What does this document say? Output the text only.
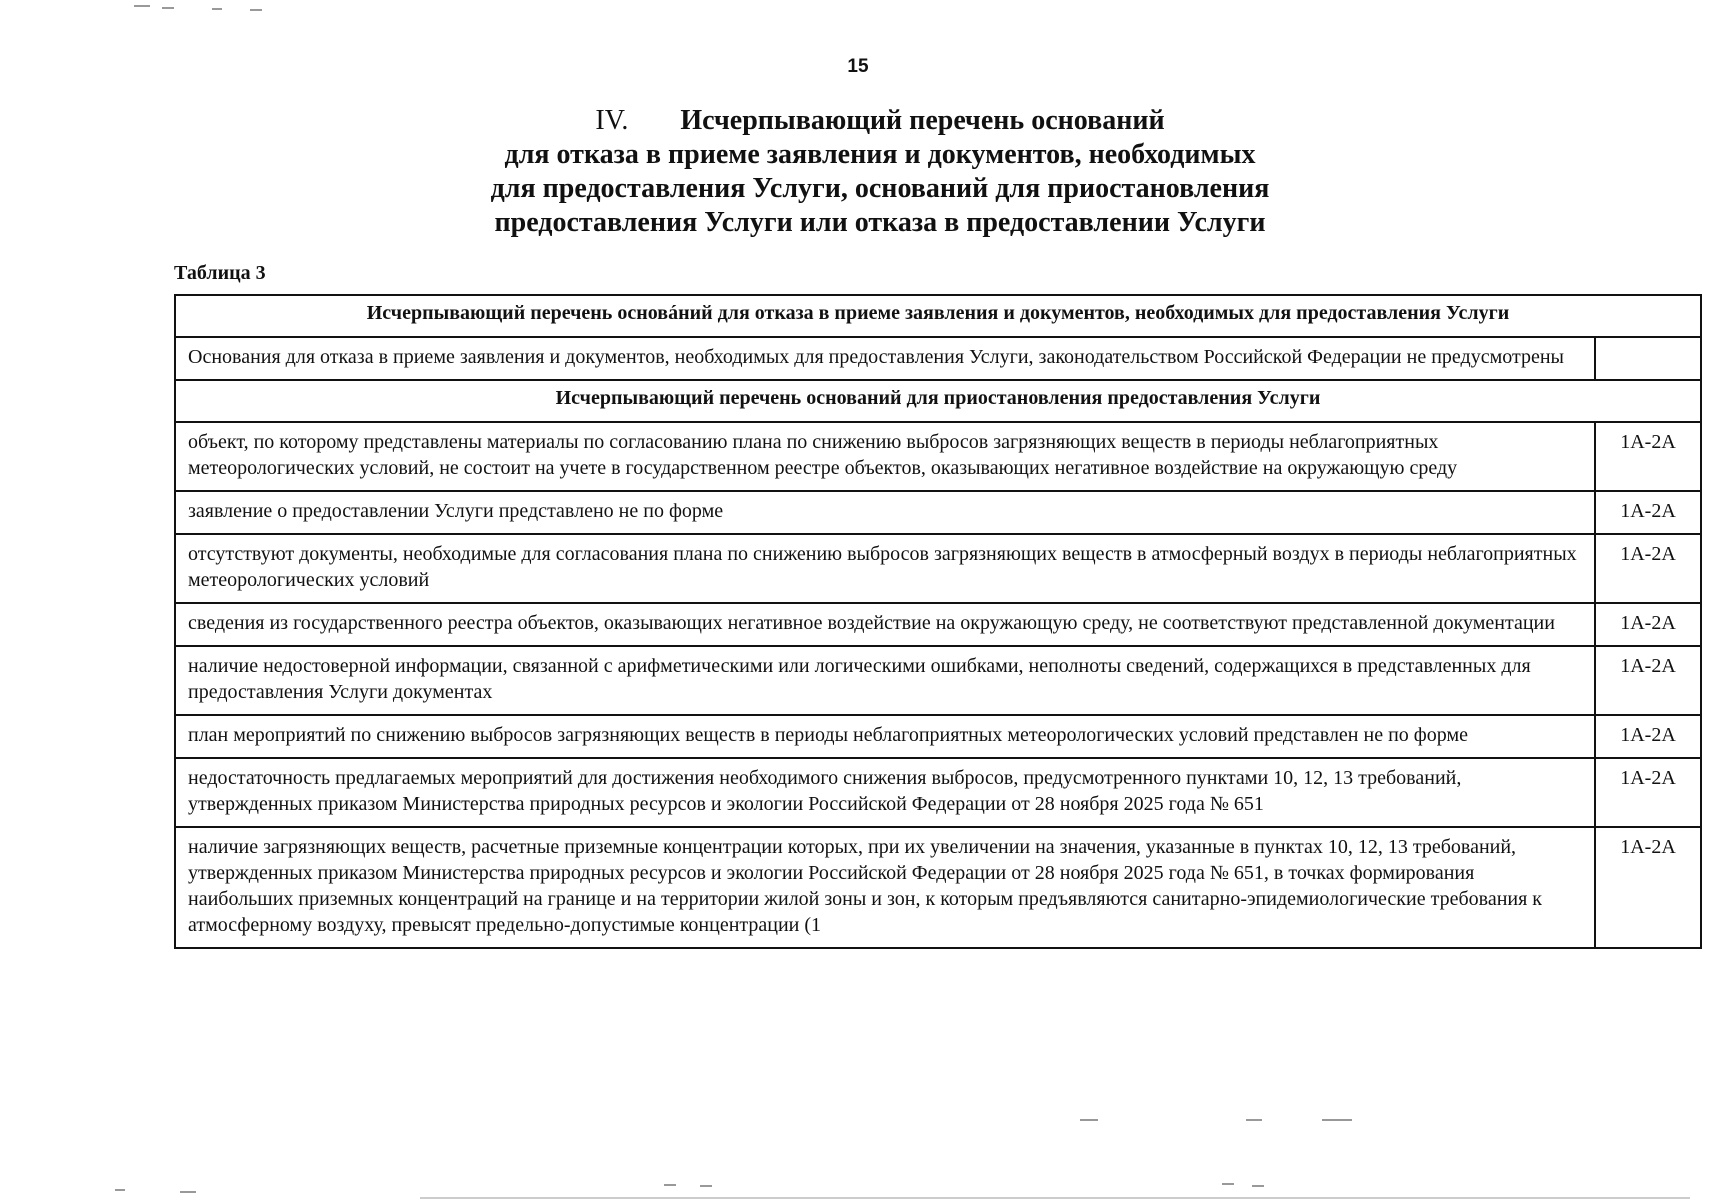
15
IV. Исчерпывающий перечень оснований
для отказа в приеме заявления и документов, необходимых
для предоставления Услуги, оснований для приостановления
предоставления Услуги или отказа в предоставлении Услуги
Таблица 3
Исчерпывающий перечень основáний для отказа в приеме заявления и документов, необходимых для предоставления Услуги	
Основания для отказа в приеме заявления и документов, необходимых для предоставления Услуги, законодательством Российской Федерации не предусмотрены	
Исчерпывающий перечень оснований для приостановления предоставления Услуги	
объект, по которому представлены материалы по согласованию плана по снижению выбросов загрязняющих веществ в периоды неблагоприятных метеорологических условий, не состоит на учете в государственном реестре объектов, оказывающих негативное воздействие на окружающую среду	1А-2А
заявление о предоставлении Услуги представлено не по форме	1А-2А
отсутствуют документы, необходимые для согласования плана по снижению выбросов загрязняющих веществ в атмосферный воздух в периоды неблагоприятных метеорологических условий	1А-2А
сведения из государственного реестра объектов, оказывающих негативное воздействие на окружающую среду, не соответствуют представленной документации	1А-2А
наличие недостоверной информации, связанной с арифметическими или логическими ошибками, неполноты сведений, содержащихся в представленных для предоставления Услуги документах	1А-2А
план мероприятий по снижению выбросов загрязняющих веществ в периоды неблагоприятных метеорологических условий представлен не по форме	1А-2А
недостаточность предлагаемых мероприятий для достижения необходимого снижения выбросов, предусмотренного пунктами 10, 12, 13 требований, утвержденных приказом Министерства природных ресурсов и экологии Российской Федерации от 28 ноября 2025 года № 651	1А-2А
наличие загрязняющих веществ, расчетные приземные концентрации которых, при их увеличении на значения, указанные в пунктах 10, 12, 13 требований, утвержденных приказом Министерства природных ресурсов и экологии Российской Федерации от 28 ноября 2025 года № 651, в точках формирования наибольших приземных концентраций на границе и на территории жилой зоны и зон, к которым предъявляются санитарно-эпидемиологические требования к атмосферному воздуху, превысят предельно-допустимые концентрации (1	1А-2А
